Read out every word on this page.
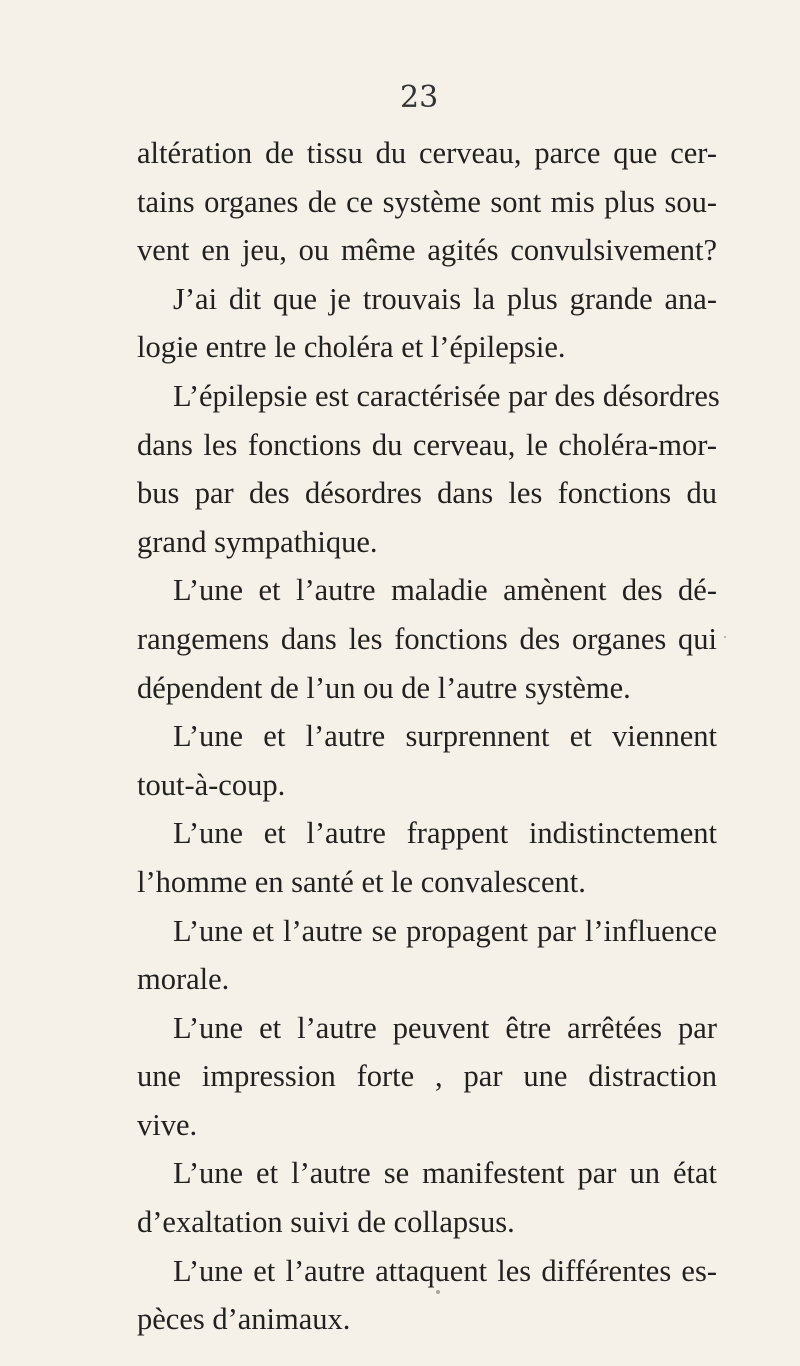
23
altération de tissu du cerveau, parce que cer-
tains organes de ce système sont mis plus sou-
vent en jeu, ou même agités convulsivement?
J’ai dit que je trouvais la plus grande ana-
logie entre le choléra et l’épilepsie.
L’épilepsie est caractérisée par des désordres
dans les fonctions du cerveau, le choléra-mor-
bus par des désordres dans les fonctions du
grand sympathique.
L’une et l’autre maladie amènent des dé-
rangemens dans les fonctions des organes qui
dépendent de l’un ou de l’autre système.
L’une et l’autre surprennent et viennent
tout-à-coup.
L’une et l’autre frappent indistinctement
l’homme en santé et le convalescent.
L’une et l’autre se propagent par l’influence
morale.
L’une et l’autre peuvent être arrêtées par
une impression forte , par une distraction
vive.
L’une et l’autre se manifestent par un état
d’exaltation suivi de collapsus.
L’une et l’autre attaquent les différentes es-
pèces d’animaux.
